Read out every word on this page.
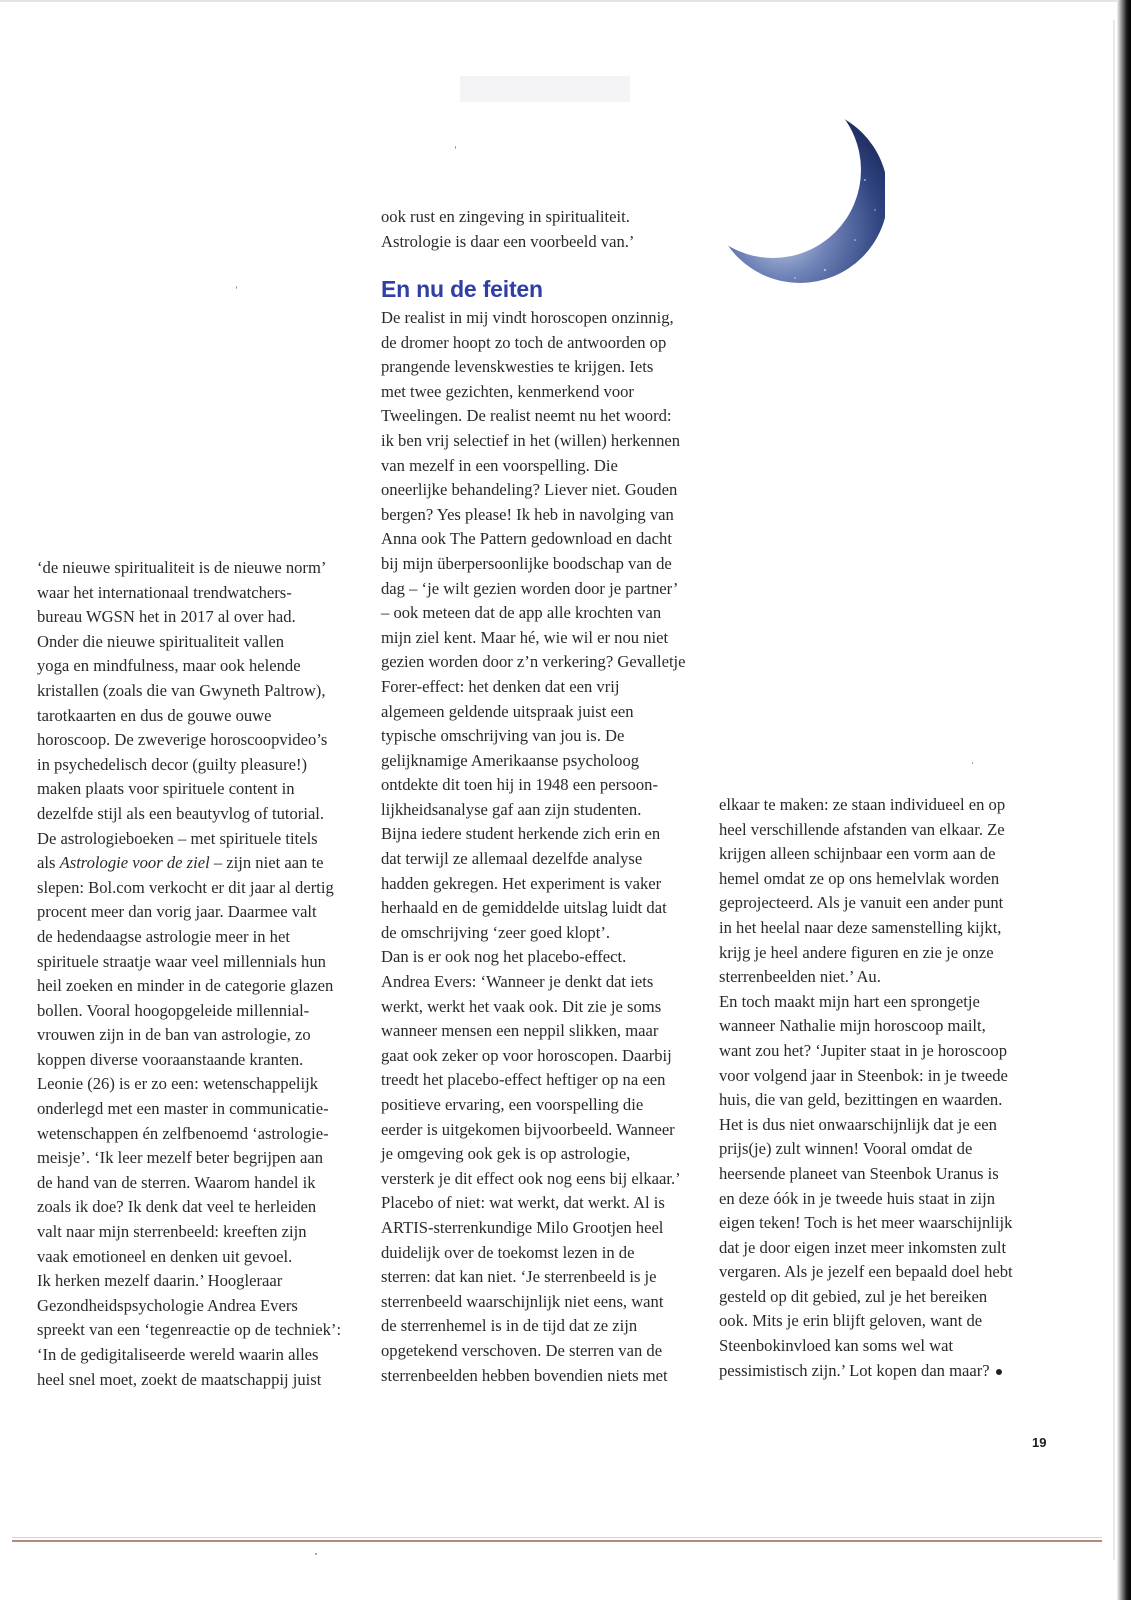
En nu de feiten

ook rust en zingeving in spiritualiteit.

Astrologie is daar een voorbeeld van.’

‘de nieuwe spiritualiteit is de nieuwe norm’

waar het internationaal trendwatchers-

bureau WGSN het in 2017 al over had.

Onder die nieuwe spiritualiteit vallen

yoga en mindfulness, maar ook helende

kristallen (zoals die van Gwyneth Paltrow),

tarotkaarten en dus de gouwe ouwe

horoscoop. De zweverige horoscoopvideo’s

in psychedelisch decor (guilty pleasure!)

maken plaats voor spirituele content in

dezelfde stijl als een beautyvlog of tutorial.

De astrologieboeken – met spirituele titels

als Astrologie voor de ziel – zijn niet aan te

slepen: Bol.com verkocht er dit jaar al dertig

procent meer dan vorig jaar. Daarmee valt

de hedendaagse astrologie meer in het

spirituele straatje waar veel millennials hun

heil zoeken en minder in de categorie glazen

bollen. Vooral hoogopgeleide millennial-

vrouwen zijn in de ban van astrologie, zo

koppen diverse vooraanstaande kranten.

Leonie (26) is er zo een: wetenschappelijk

onderlegd met een master in communicatie-

wetenschappen én zelfbenoemd ‘astrologie-

meisje’. ‘Ik leer mezelf beter begrijpen aan

de hand van de sterren. Waarom handel ik

zoals ik doe? Ik denk dat veel te herleiden

valt naar mijn sterrenbeeld: kreeften zijn

vaak emotioneel en denken uit gevoel.

Ik herken mezelf daarin.’ Hoogleraar

Gezondheidspsychologie Andrea Evers

spreekt van een ‘tegenreactie op de techniek’:

‘In de gedigitaliseerde wereld waarin alles

heel snel moet, zoekt de maatschappij juist

De realist in mij vindt horoscopen onzinnig,

de dromer hoopt zo toch de antwoorden op

prangende levenskwesties te krijgen. Iets

met twee gezichten, kenmerkend voor

Tweelingen. De realist neemt nu het woord:

ik ben vrij selectief in het (willen) herkennen

van mezelf in een voorspelling. Die

oneerlijke behandeling? Liever niet. Gouden

bergen? Yes please! Ik heb in navolging van

Anna ook The Pattern gedownload en dacht

bij mijn überpersoonlijke boodschap van de

dag – ‘je wilt gezien worden door je partner’

– ook meteen dat de app alle krochten van

mijn ziel kent. Maar hé, wie wil er nou niet

gezien worden door z’n verkering? Gevalletje

Forer-effect: het denken dat een vrij

algemeen geldende uitspraak juist een

typische omschrijving van jou is. De

gelijknamige Amerikaanse psycholoog

ontdekte dit toen hij in 1948 een persoon-

lijkheidsanalyse gaf aan zijn studenten.

Bijna iedere student herkende zich erin en

dat terwijl ze allemaal dezelfde analyse

hadden gekregen. Het experiment is vaker

herhaald en de gemiddelde uitslag luidt dat

de omschrijving ‘zeer goed klopt’.

Dan is er ook nog het placebo-effect.

Andrea Evers: ‘Wanneer je denkt dat iets

werkt, werkt het vaak ook. Dit zie je soms

wanneer mensen een neppil slikken, maar

gaat ook zeker op voor horoscopen. Daarbij

treedt het placebo-effect heftiger op na een

positieve ervaring, een voorspelling die

eerder is uitgekomen bijvoorbeeld. Wanneer

je omgeving ook gek is op astrologie,

versterk je dit effect ook nog eens bij elkaar.’

Placebo of niet: wat werkt, dat werkt. Al is

ARTIS-sterrenkundige Milo Grootjen heel

duidelijk over de toekomst lezen in de

sterren: dat kan niet. ‘Je sterrenbeeld is je

sterrenbeeld waarschijnlijk niet eens, want

de sterrenhemel is in de tijd dat ze zijn

opgetekend verschoven. De sterren van de

sterrenbeelden hebben bovendien niets met

elkaar te maken: ze staan individueel en op

heel verschillende afstanden van elkaar. Ze

krijgen alleen schijnbaar een vorm aan de

hemel omdat ze op ons hemelvlak worden

geprojecteerd. Als je vanuit een ander punt

in het heelal naar deze samenstelling kijkt,

krijg je heel andere figuren en zie je onze

sterrenbeelden niet.’ Au.

En toch maakt mijn hart een sprongetje

wanneer Nathalie mijn horoscoop mailt,

want zou het? ‘Jupiter staat in je horoscoop

voor volgend jaar in Steenbok: in je tweede

huis, die van geld, bezittingen en waarden.

Het is dus niet onwaarschijnlijk dat je een

prijs(je) zult winnen! Vooral omdat de

heersende planeet van Steenbok Uranus is

en deze óók in je tweede huis staat in zijn

eigen teken! Toch is het meer waarschijnlijk

dat je door eigen inzet meer inkomsten zult

vergaren. Als je jezelf een bepaald doel hebt

gesteld op dit gebied, zul je het bereiken

ook. Mits je erin blijft geloven, want de

Steenbokinvloed kan soms wel wat

pessimistisch zijn.’ Lot kopen dan maar?

19
